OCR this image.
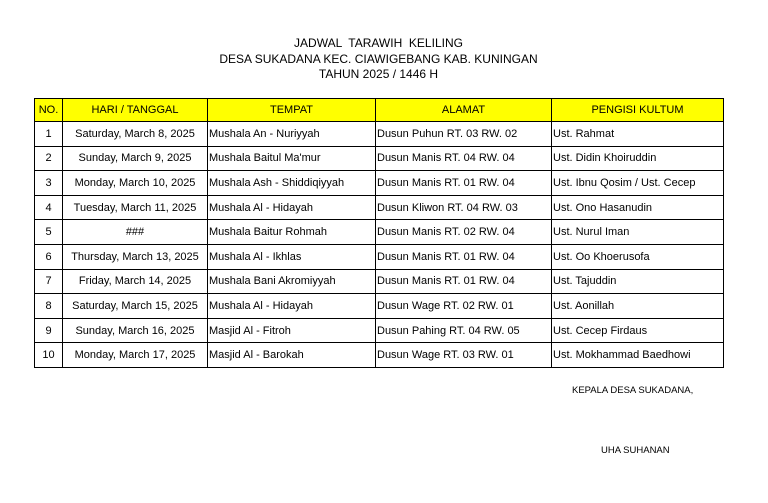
JADWAL  TARAWIH  KELILING
DESA SUKADANA KEC. CIAWIGEBANG KAB. KUNINGAN
TAHUN 2025 / 1446 H
NO.	HARI / TANGGAL	TEMPAT	ALAMAT	PENGISI KULTUM
1	Saturday, March 8, 2025	Mushala An - Nuriyyah	Dusun Puhun RT. 03 RW. 02	Ust. Rahmat
2	Sunday, March 9, 2025	Mushala Baitul Ma'mur	Dusun Manis RT. 04 RW. 04	Ust. Didin Khoiruddin
3	Monday, March 10, 2025	Mushala Ash - Shiddiqiyyah	Dusun Manis RT. 01 RW. 04	Ust. Ibnu Qosim / Ust. Cecep
4	Tuesday, March 11, 2025	Mushala Al - Hidayah	Dusun Kliwon RT. 04 RW. 03	Ust. Ono Hasanudin
5	###	Mushala Baitur Rohmah	Dusun Manis RT. 02 RW. 04	Ust. Nurul Iman
6	Thursday, March 13, 2025	Mushala Al - Ikhlas	Dusun Manis RT. 01 RW. 04	Ust. Oo Khoerusofa
7	Friday, March 14, 2025	Mushala Bani Akromiyyah	Dusun Manis RT. 01 RW. 04	Ust. Tajuddin
8	Saturday, March 15, 2025	Mushala Al - Hidayah	Dusun Wage RT. 02 RW. 01	Ust. Aonillah
9	Sunday, March 16, 2025	Masjid Al - Fitroh	Dusun Pahing RT. 04 RW. 05	Ust. Cecep Firdaus
10	Monday, March 17, 2025	Masjid Al - Barokah	Dusun Wage RT. 03 RW. 01	Ust. Mokhammad Baedhowi
KEPALA DESA SUKADANA,
UHA SUHANAN
